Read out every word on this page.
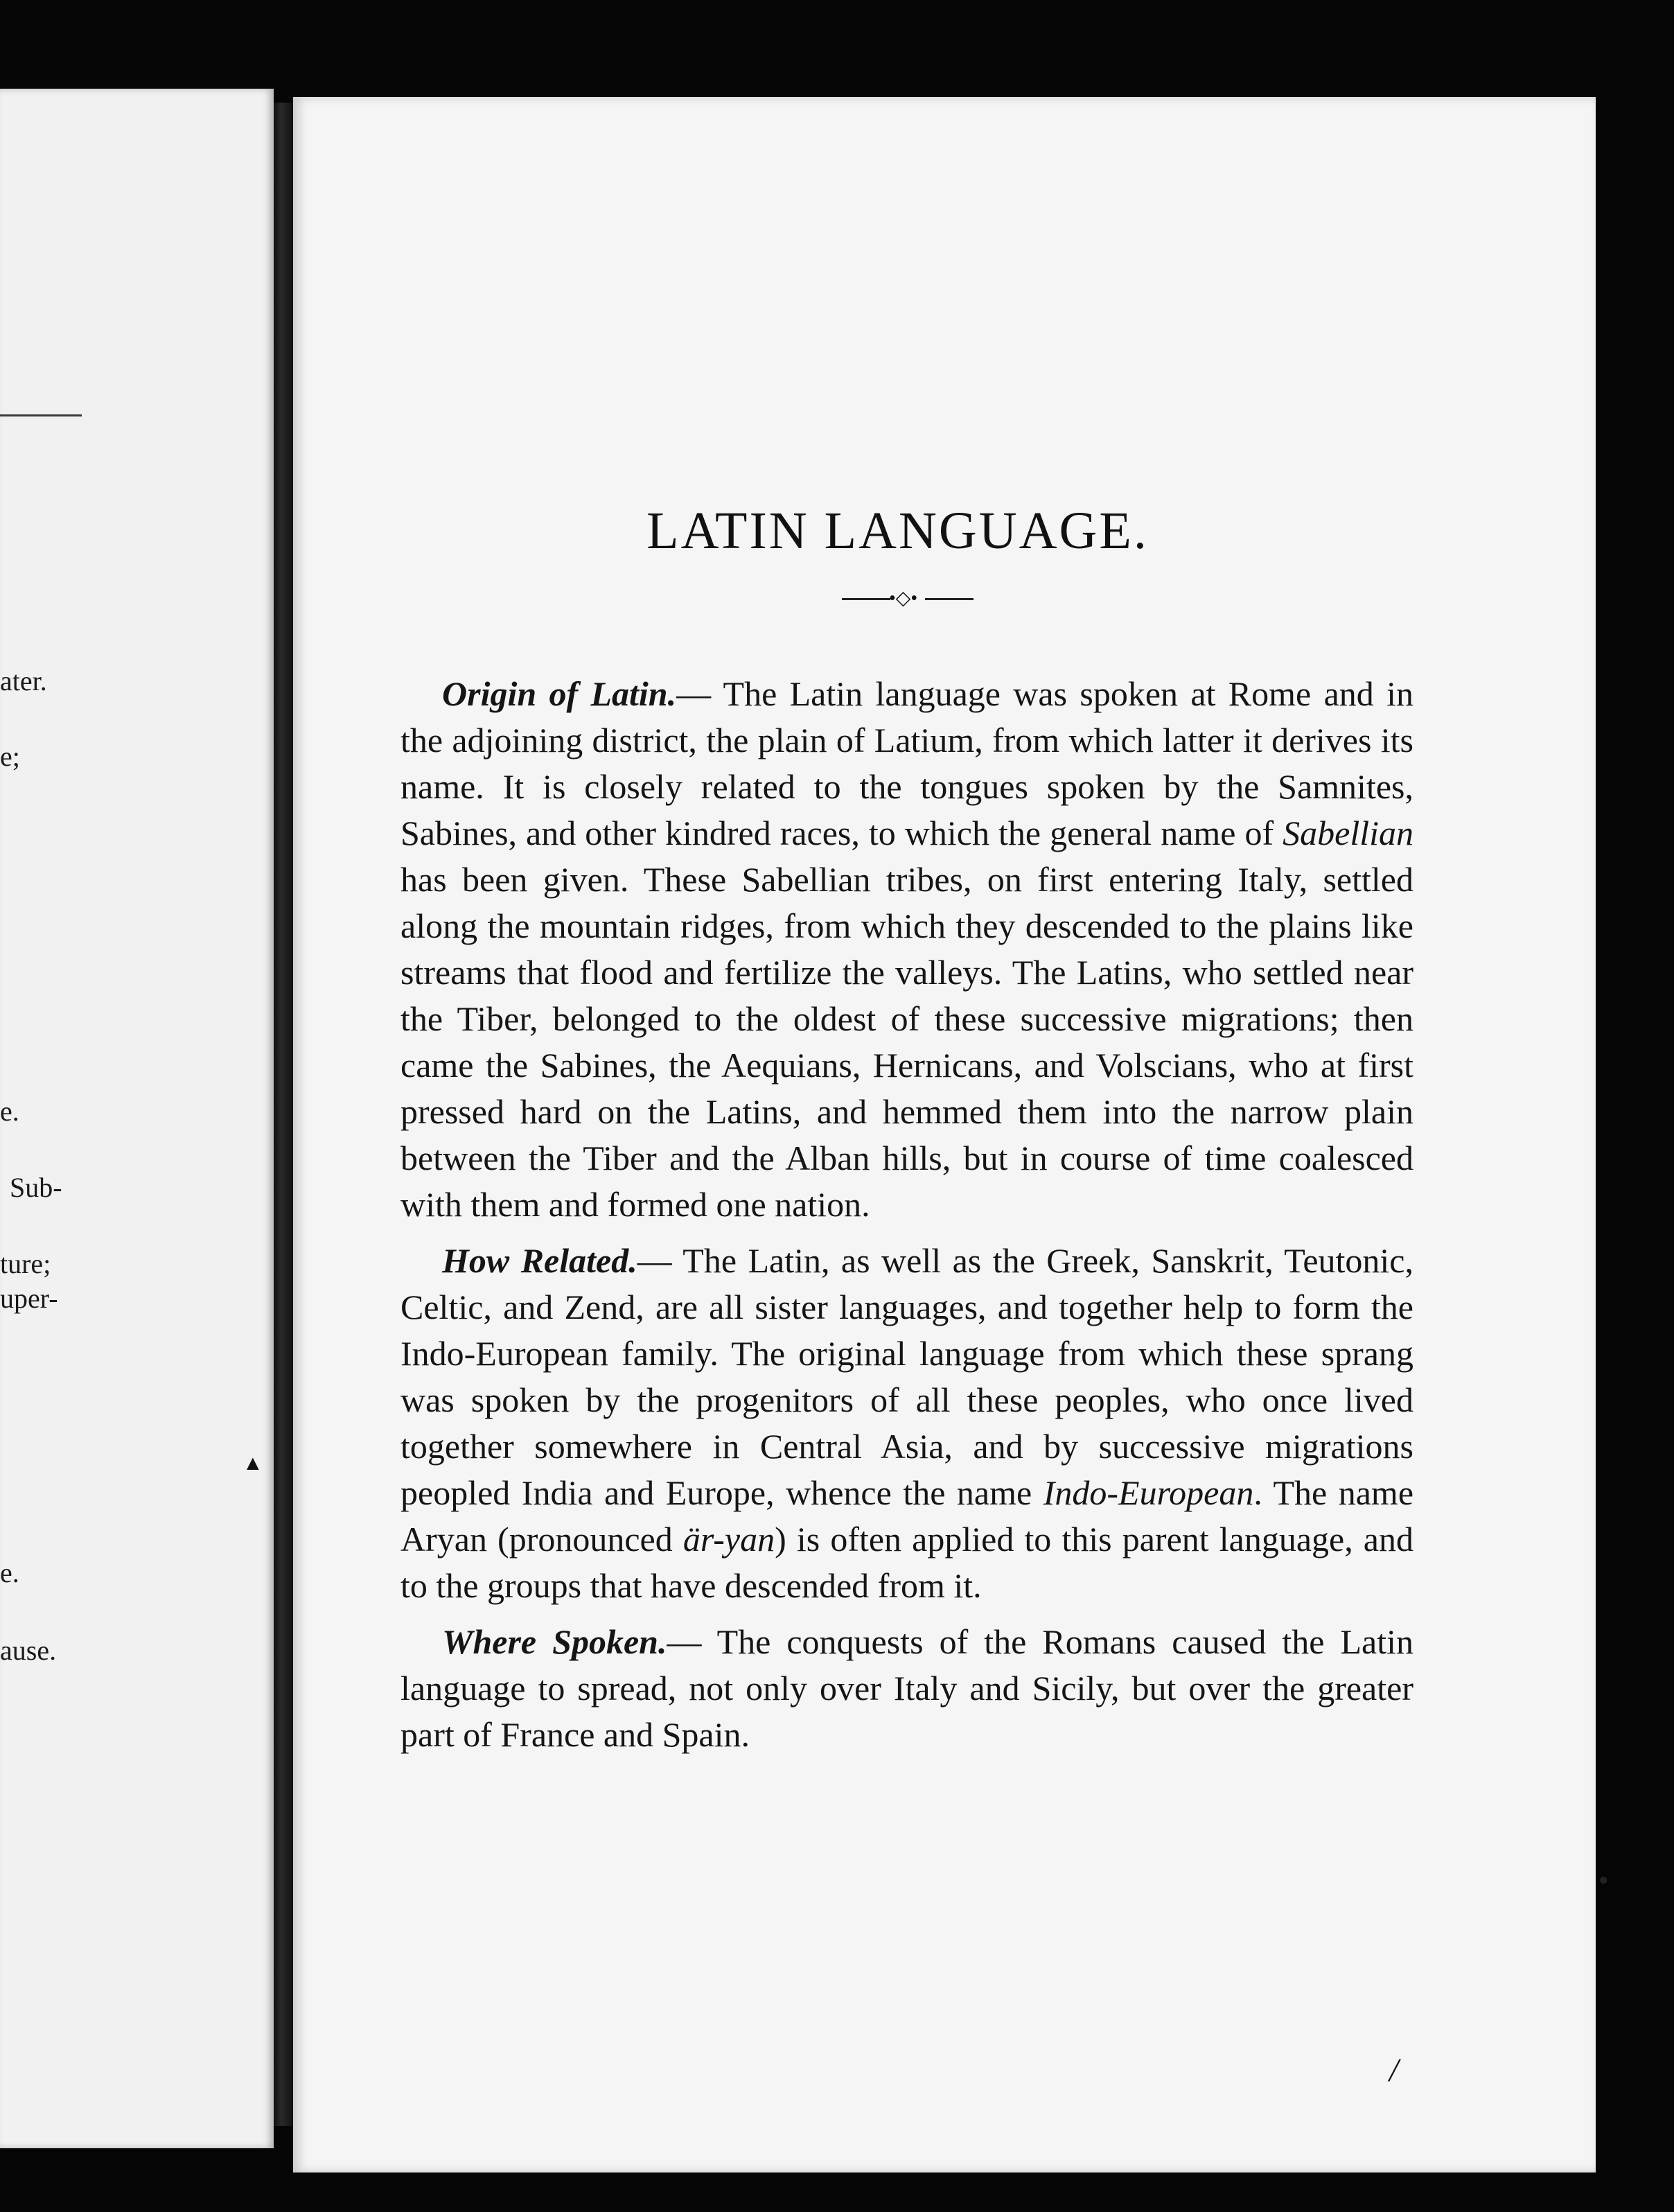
ater.
e;
e.
Sub-
ture;
uper-
e.
ause.
▲
LATIN LANGUAGE.
•◇•

Origin of Latin.— The Latin language was spoken at Rome and in the adjoining district, the plain of Latium, from which latter it derives its name. It is closely related to the tongues spoken by the Samnites, Sabines, and other kindred races, to which the general name of Sabellian has been given. These Sabellian tribes, on first entering Italy, settled along the mountain ridges, from which they descended to the plains like streams that flood and fertilize the valleys. The Latins, who settled near the Tiber, belonged to the oldest of these successive migrations; then came the Sabines, the Aequians, Hernicans, and Volscians, who at first pressed hard on the Latins, and hemmed them into the narrow plain between the Tiber and the Alban hills, but in course of time coalesced with them and formed one nation.

How Related.— The Latin, as well as the Greek, Sanskrit, Teutonic, Celtic, and Zend, are all sister languages, and together help to form the Indo-European family. The original language from which these sprang was spoken by the progenitors of all these peoples, who once lived together somewhere in Central Asia, and by successive migrations peopled India and Europe, whence the name Indo-European. The name Aryan (pronounced är-yan) is often applied to this parent language, and to the groups that have descended from it.

Where Spoken.— The conquests of the Romans caused the Latin language to spread, not only over Italy and Sicily, but over the greater part of France and Spain.

/
●
